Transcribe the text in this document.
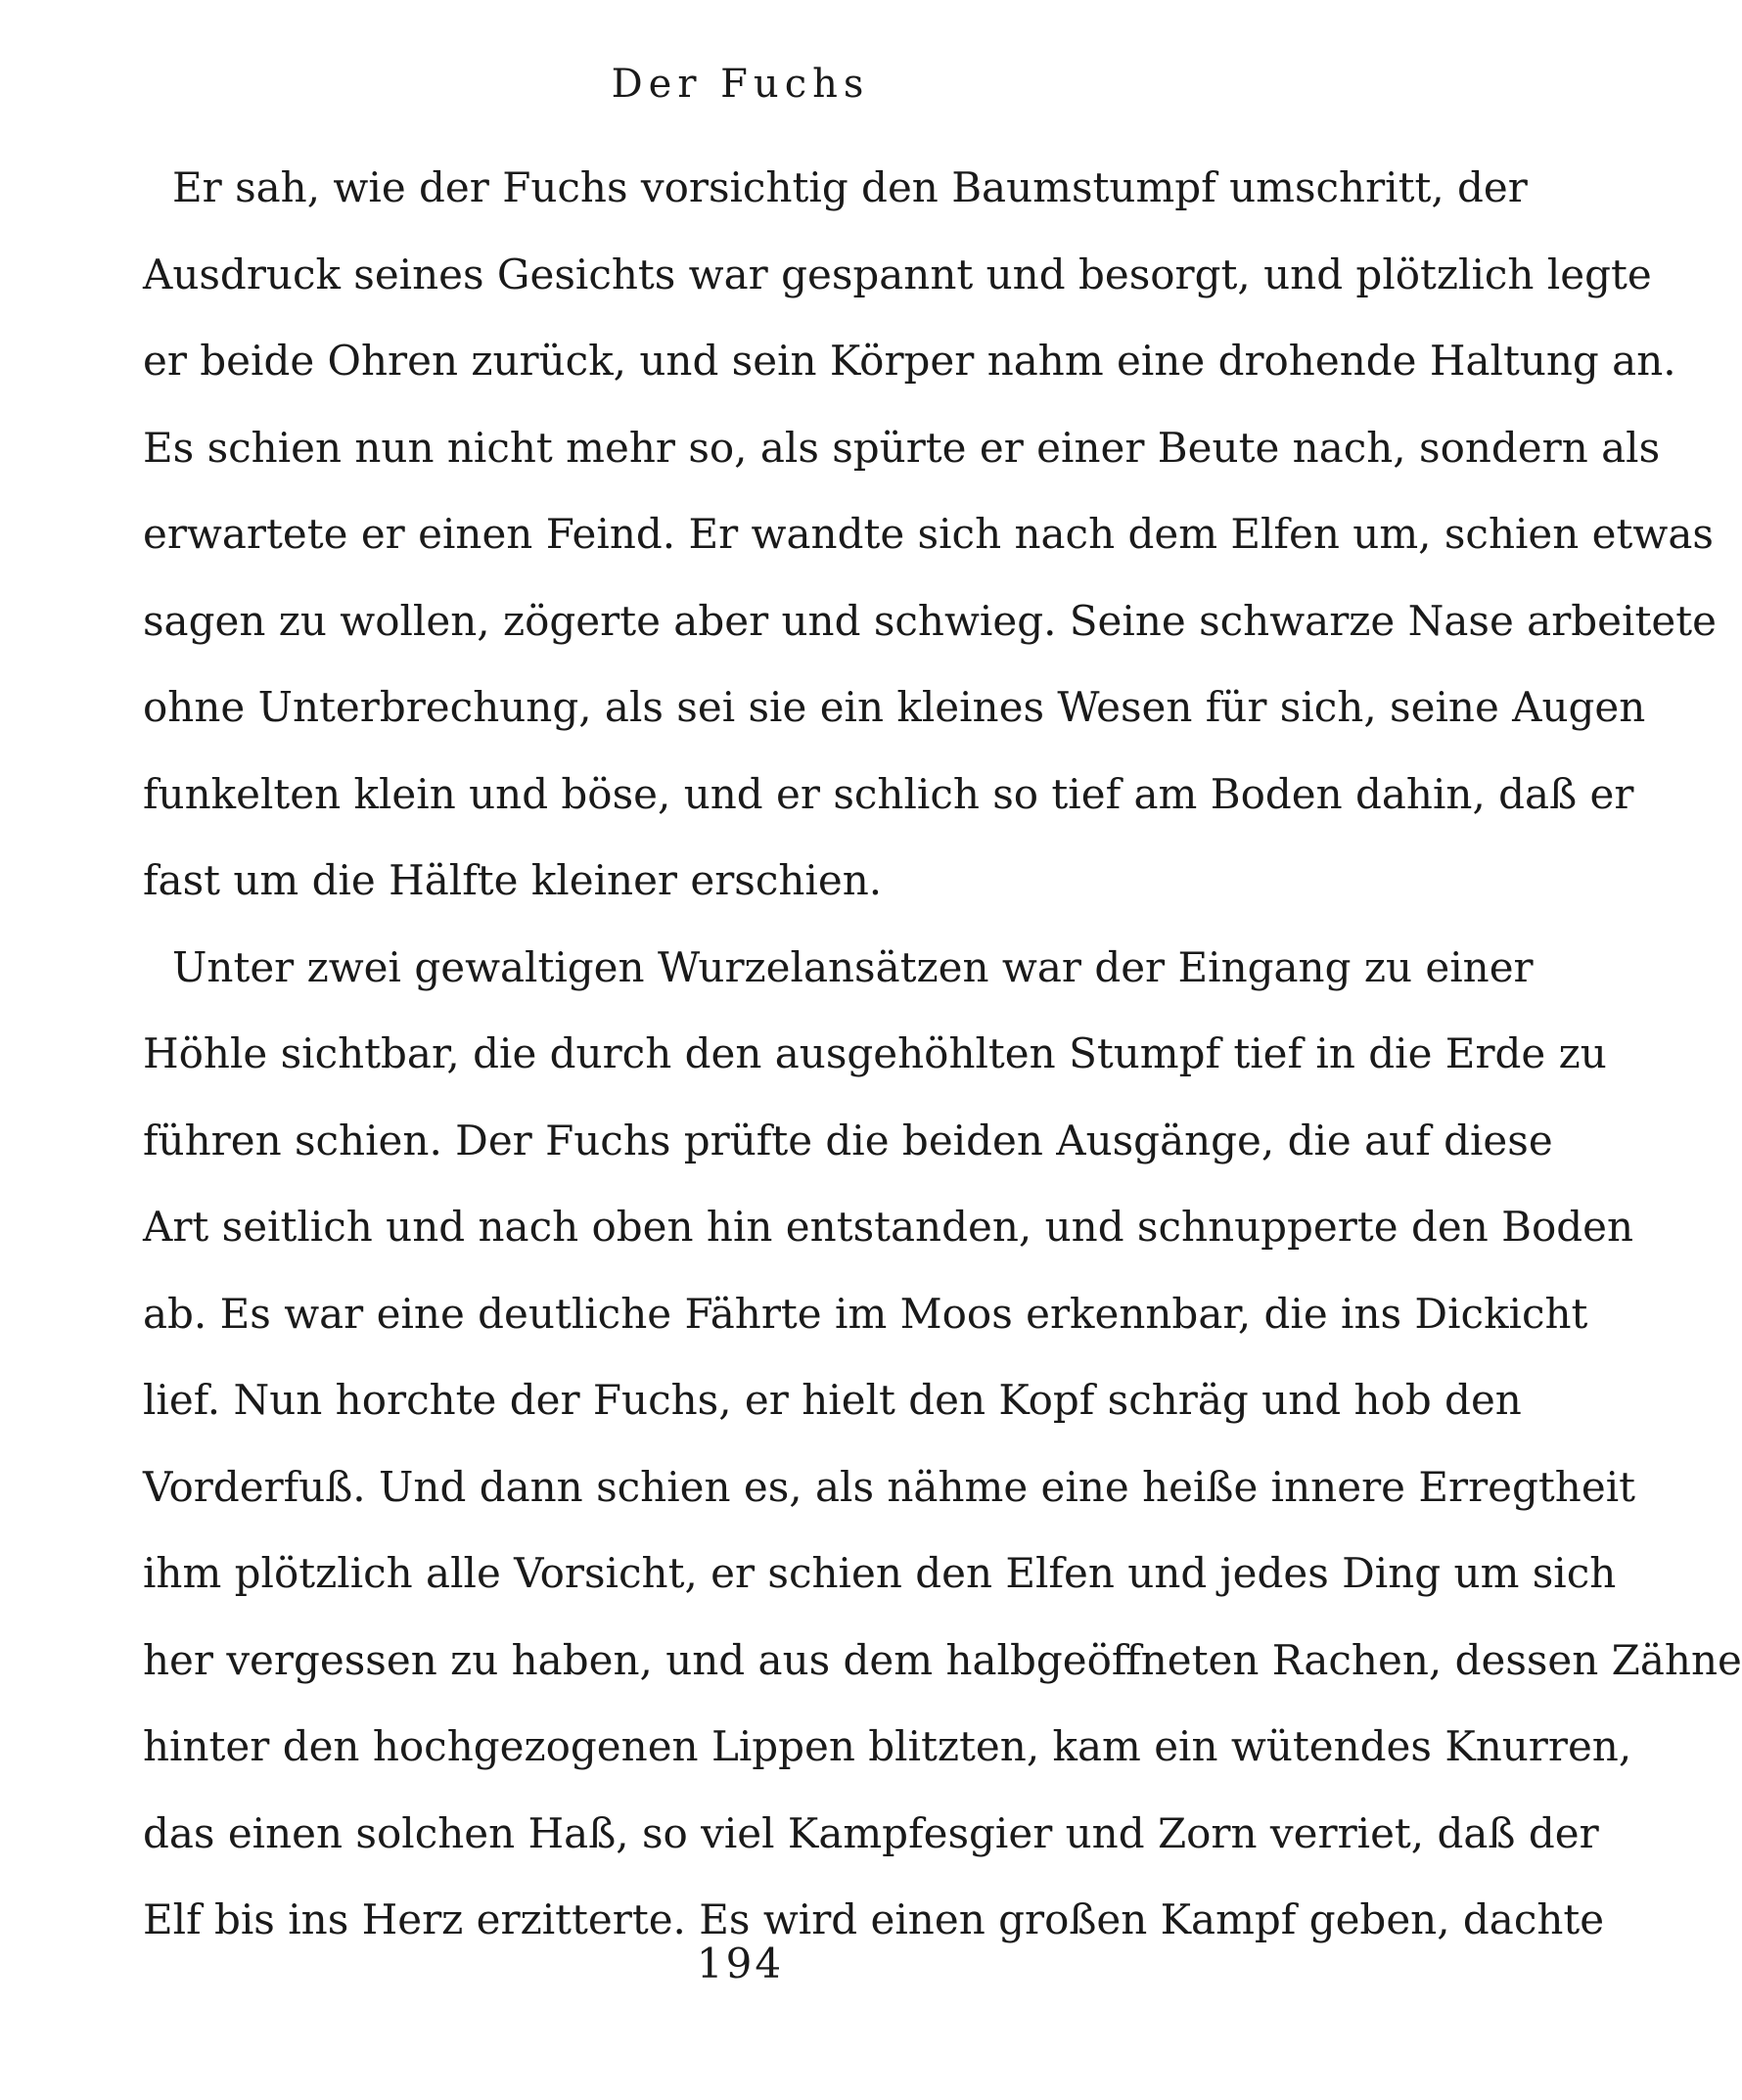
Der Fuchs
Er sah, wie der Fuchs vorsichtig den Baumstumpf umschritt, der
Ausdruck seines Gesichts war gespannt und besorgt, und plötzlich legte
er beide Ohren zurück, und sein Körper nahm eine drohende Haltung an.
Es schien nun nicht mehr so, als spürte er einer Beute nach, sondern als
erwartete er einen Feind. Er wandte sich nach dem Elfen um, schien etwas
sagen zu wollen, zögerte aber und schwieg. Seine schwarze Nase arbeitete
ohne Unterbrechung, als sei sie ein kleines Wesen für sich, seine Augen
funkelten klein und böse, und er schlich so tief am Boden dahin, daß er
fast um die Hälfte kleiner erschien.
Unter zwei gewaltigen Wurzelansätzen war der Eingang zu einer
Höhle sichtbar, die durch den ausgehöhlten Stumpf tief in die Erde zu
führen schien. Der Fuchs prüfte die beiden Ausgänge, die auf diese
Art seitlich und nach oben hin entstanden, und schnupperte den Boden
ab. Es war eine deutliche Fährte im Moos erkennbar, die ins Dickicht
lief. Nun horchte der Fuchs, er hielt den Kopf schräg und hob den
Vorderfuß. Und dann schien es, als nähme eine heiße innere Erregtheit
ihm plötzlich alle Vorsicht, er schien den Elfen und jedes Ding um sich
her vergessen zu haben, und aus dem halbgeöffneten Rachen, dessen Zähne
hinter den hochgezogenen Lippen blitzten, kam ein wütendes Knurren,
das einen solchen Haß, so viel Kampfesgier und Zorn verriet, daß der
Elf bis ins Herz erzitterte. Es wird einen großen Kampf geben, dachte
194
